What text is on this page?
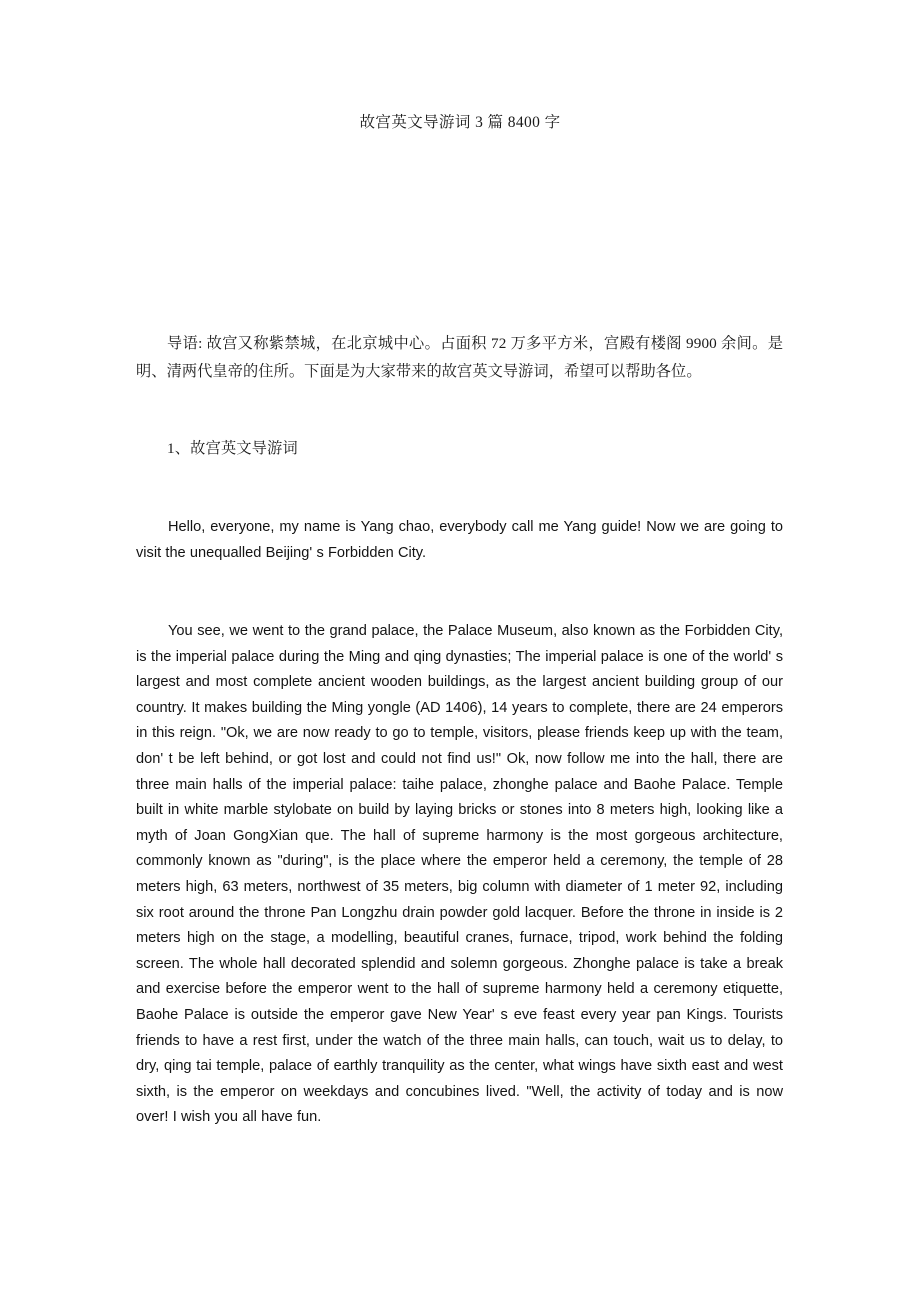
故宫英文导游词 3 篇 8400 字
导语: 故宫又称紫禁城，在北京城中心。占面积 72 万多平方米，宫殿有楼阁 9900 余间。是明、清两代皇帝的住所。下面是为大家带来的故宫英文导游词，希望可以帮助各位。
1、故宫英文导游词
Hello, everyone, my name is Yang chao, everybody call me Yang guide! Now we are going to visit the unequalled Beijing' s Forbidden City.
You see, we went to the grand palace, the Palace Museum, also known as the Forbidden City, is the imperial palace during the Ming and qing dynasties; The imperial palace is one of the world' s largest and most complete ancient wooden buildings, as the largest ancient building group of our country. It makes building the Ming yongle (AD 1406), 14 years to complete, there are 24 emperors in this reign. "Ok, we are now ready to go to temple, visitors, please friends keep up with the team, don' t be left behind, or got lost and could not find us!" Ok, now follow me into the hall, there are three main halls of the imperial palace: taihe palace, zhonghe palace and Baohe Palace. Temple built in white marble stylobate on build by laying bricks or stones into 8 meters high, looking like a myth of Joan GongXian que. The hall of supreme harmony is the most gorgeous architecture, commonly known as "during", is the place where the emperor held a ceremony, the temple of 28 meters high, 63 meters, northwest of 35 meters, big column with diameter of 1 meter 92, including six root around the throne Pan Longzhu drain powder gold lacquer. Before the throne in inside is 2 meters high on the stage, a modelling, beautiful cranes, furnace, tripod, work behind the folding screen. The whole hall decorated splendid and solemn gorgeous. Zhonghe palace is take a break and exercise before the emperor went to the hall of supreme harmony held a ceremony etiquette, Baohe Palace is outside the emperor gave New Year' s eve feast every year pan Kings. Tourists friends to have a rest first, under the watch of the three main halls, can touch, wait us to delay, to dry, qing tai temple, palace of earthly tranquility as the center, what wings have sixth east and west sixth, is the emperor on weekdays and concubines lived. "Well, the activity of today and is now over! I wish you all have fun.
